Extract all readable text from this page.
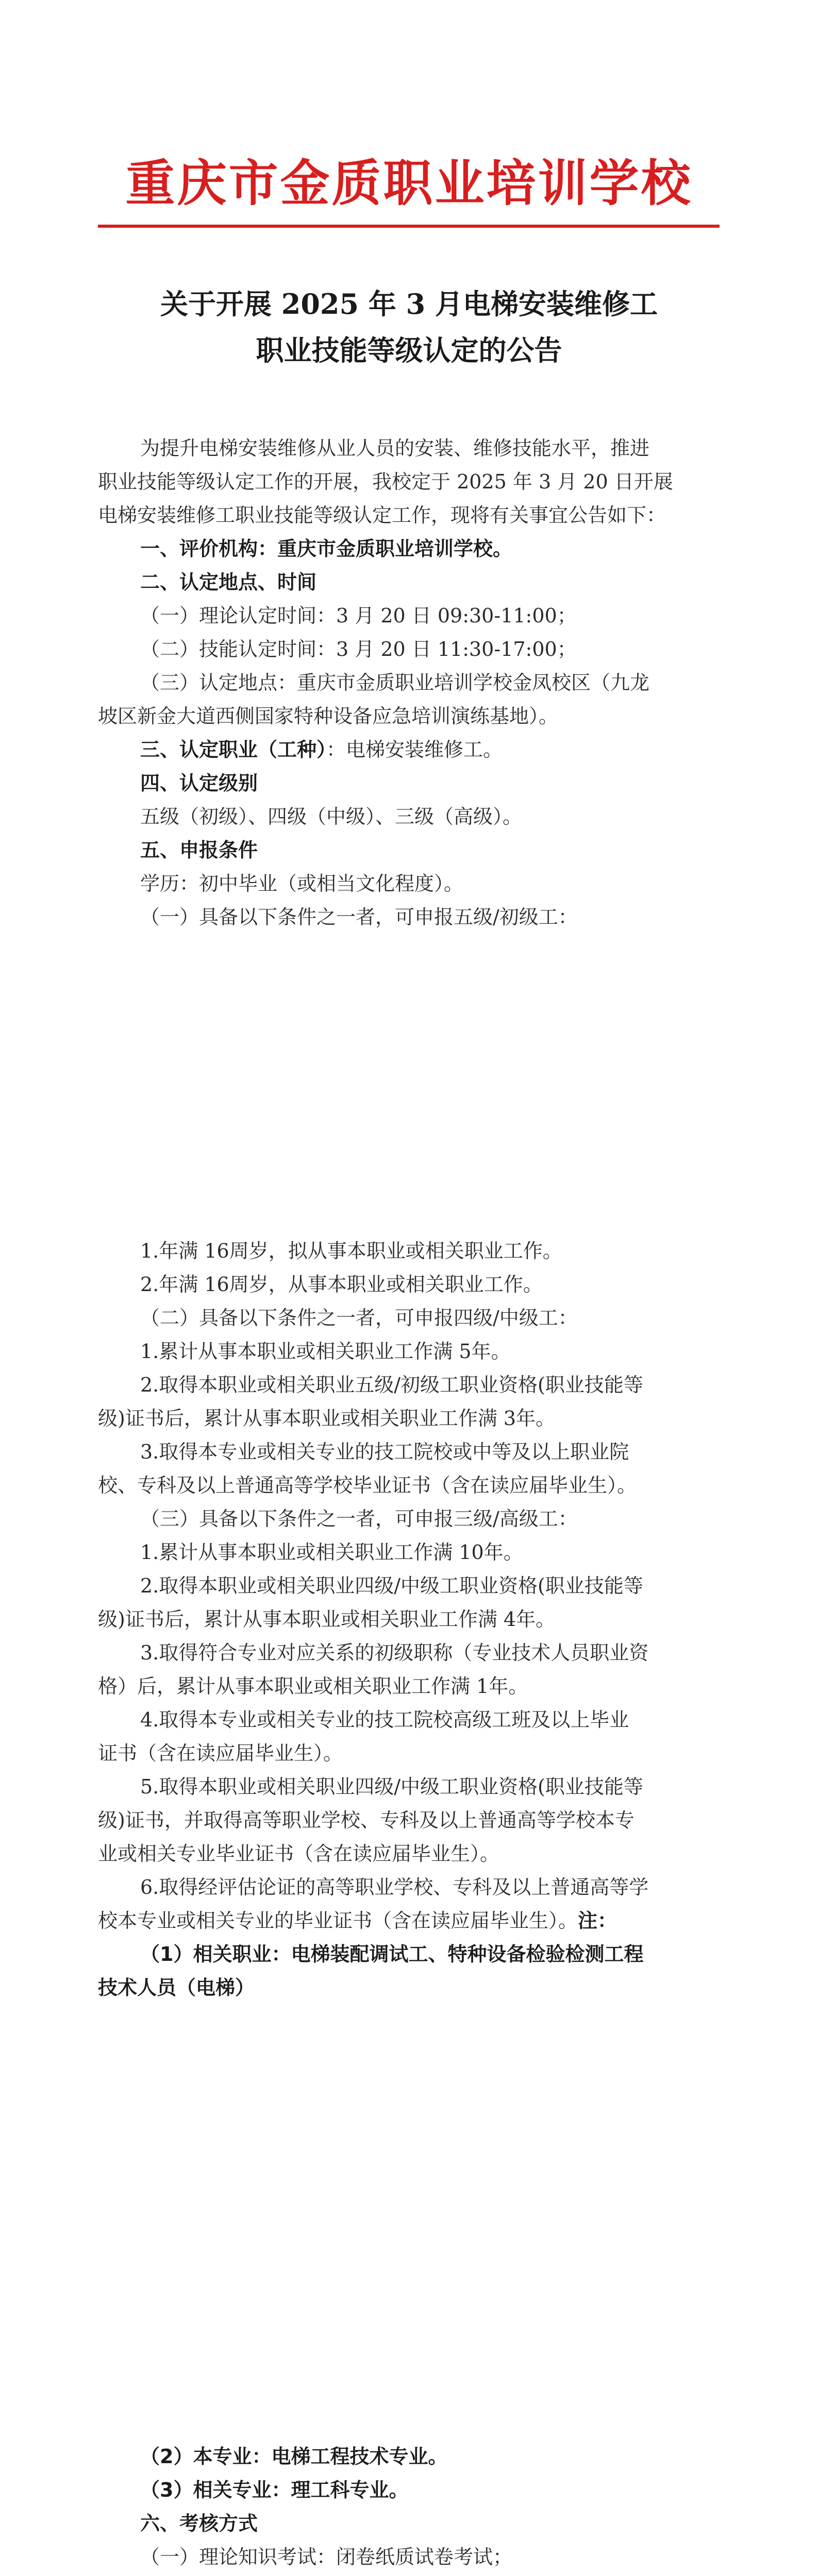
重庆市金质职业培训学校
关于开展 2025 年 3 月电梯安装维修工
职业技能等级认定的公告
为提升电梯安装维修从业人员的安装、维修技能水平，推进
职业技能等级认定工作的开展，我校定于 2025 年 3 月 20 日开展
电梯安装维修工职业技能等级认定工作，现将有关事宜公告如下：
一、评价机构：重庆市金质职业培训学校。
二、认定地点、时间
（一）理论认定时间：3 月 20 日 09:30-11:00；
（二）技能认定时间：3 月 20 日 11:30-17:00；
（三）认定地点：重庆市金质职业培训学校金凤校区（九龙
坡区新金大道西侧国家特种设备应急培训演练基地）。
三、认定职业（工种）：电梯安装维修工。
四、认定级别
五级（初级）、四级（中级）、三级（高级）。
五、申报条件
学历：初中毕业（或相当文化程度）。
（一）具备以下条件之一者，可申报五级/初级工：
1.年满 16周岁，拟从事本职业或相关职业工作。
2.年满 16周岁，从事本职业或相关职业工作。
（二）具备以下条件之一者，可申报四级/中级工：
1.累计从事本职业或相关职业工作满 5年。
2.取得本职业或相关职业五级/初级工职业资格(职业技能等
级)证书后，累计从事本职业或相关职业工作满 3年。
3.取得本专业或相关专业的技工院校或中等及以上职业院
校、专科及以上普通高等学校毕业证书（含在读应届毕业生）。
（三）具备以下条件之一者，可申报三级/高级工：
1.累计从事本职业或相关职业工作满 10年。
2.取得本职业或相关职业四级/中级工职业资格(职业技能等
级)证书后，累计从事本职业或相关职业工作满 4年。
3.取得符合专业对应关系的初级职称（专业技术人员职业资
格）后，累计从事本职业或相关职业工作满 1年。
4.取得本专业或相关专业的技工院校高级工班及以上毕业
证书（含在读应届毕业生）。
5.取得本职业或相关职业四级/中级工职业资格(职业技能等
级)证书，并取得高等职业学校、专科及以上普通高等学校本专
业或相关专业毕业证书（含在读应届毕业生）。
6.取得经评估论证的高等职业学校、专科及以上普通高等学
校本专业或相关专业的毕业证书（含在读应届毕业生）。注：
（1）相关职业：电梯装配调试工、特种设备检验检测工程
技术人员（电梯）
（2）本专业：电梯工程技术专业。
（3）相关专业：理工科专业。
六、考核方式
（一）理论知识考试：闭卷纸质试卷考试；
